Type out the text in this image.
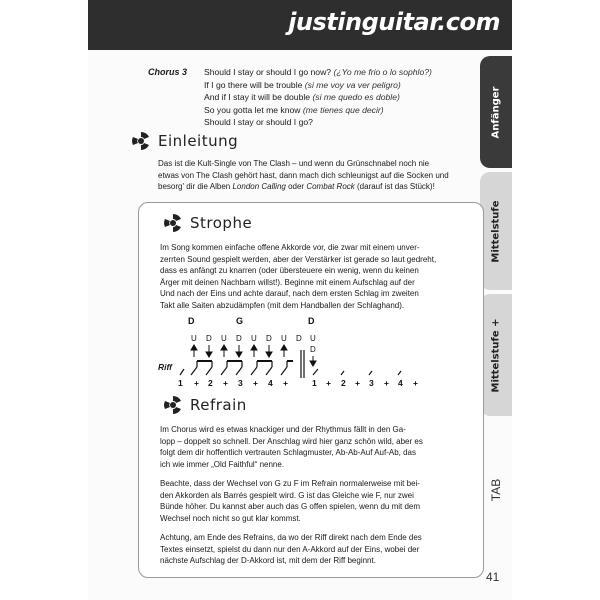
justinguitar.com
Anfänger
Mittelstufe
Mittelstufe +
TAB
41
Chorus 3 Should I stay or should I go now? (¿Yo me frio o lo sophlo?)
If I go there will be trouble (si me voy va ver peligro)
And if I stay it will be double (si me quedo es doble)
So you gotta let me know (me tienes que decir)
Should I stay or should I go?
Einleitung
Das ist die Kult-Single von The Clash – und wenn du Grünschnabel noch nie
etwas von The Clash gehört hast, dann mach dich schleunigst auf die Socken und
besorg' dir die Alben London Calling oder Combat Rock (darauf ist das Stück)!
Strophe
Im Song kommen einfache offene Akkorde vor, die zwar mit einem unver-
zerrten Sound gespielt werden, aber der Verstärker ist gerade so laut gedreht,
dass es anfängt zu knarren (oder übersteuere ein wenig, wenn du keinen
Ärger mit deinen Nachbarn willst!). Beginne mit einem Aufschlag auf der
Und nach der Eins und achte darauf, nach dem ersten Schlag im zweiten
Takt alle Saiten abzudämpfen (mit dem Handballen der Schlaghand).
D	G	D
U D U D U D U D U
D
Riff
1 + 2 + 3 + 4 +	1 + 2 + 3 + 4 +
Refrain
Im Chorus wird es etwas knackiger und der Rhythmus fällt in den Ga-
lopp – doppelt so schnell. Der Anschlag wird hier ganz schön wild, aber es
folgt dem dir hoffentlich vertrauten Schlagmuster, Ab-Ab-Auf Auf-Ab, das
ich wie immer „Old Faithful“ nenne.
Beachte, dass der Wechsel von G zu F im Refrain normalerweise mit bei-
den Akkorden als Barrés gespielt wird. G ist das Gleiche wie F, nur zwei
Bünde höher. Du kannst aber auch das G offen spielen, wenn du mit dem
Wechsel noch nicht so gut klar kommst.
Achtung, am Ende des Refrains, da wo der Riff direkt nach dem Ende des
Textes einsetzt, spielst du dann nur den A-Akkord auf der Eins, wobei der
nächste Aufschlag der D-Akkord ist, mit dem der Riff beginnt.
